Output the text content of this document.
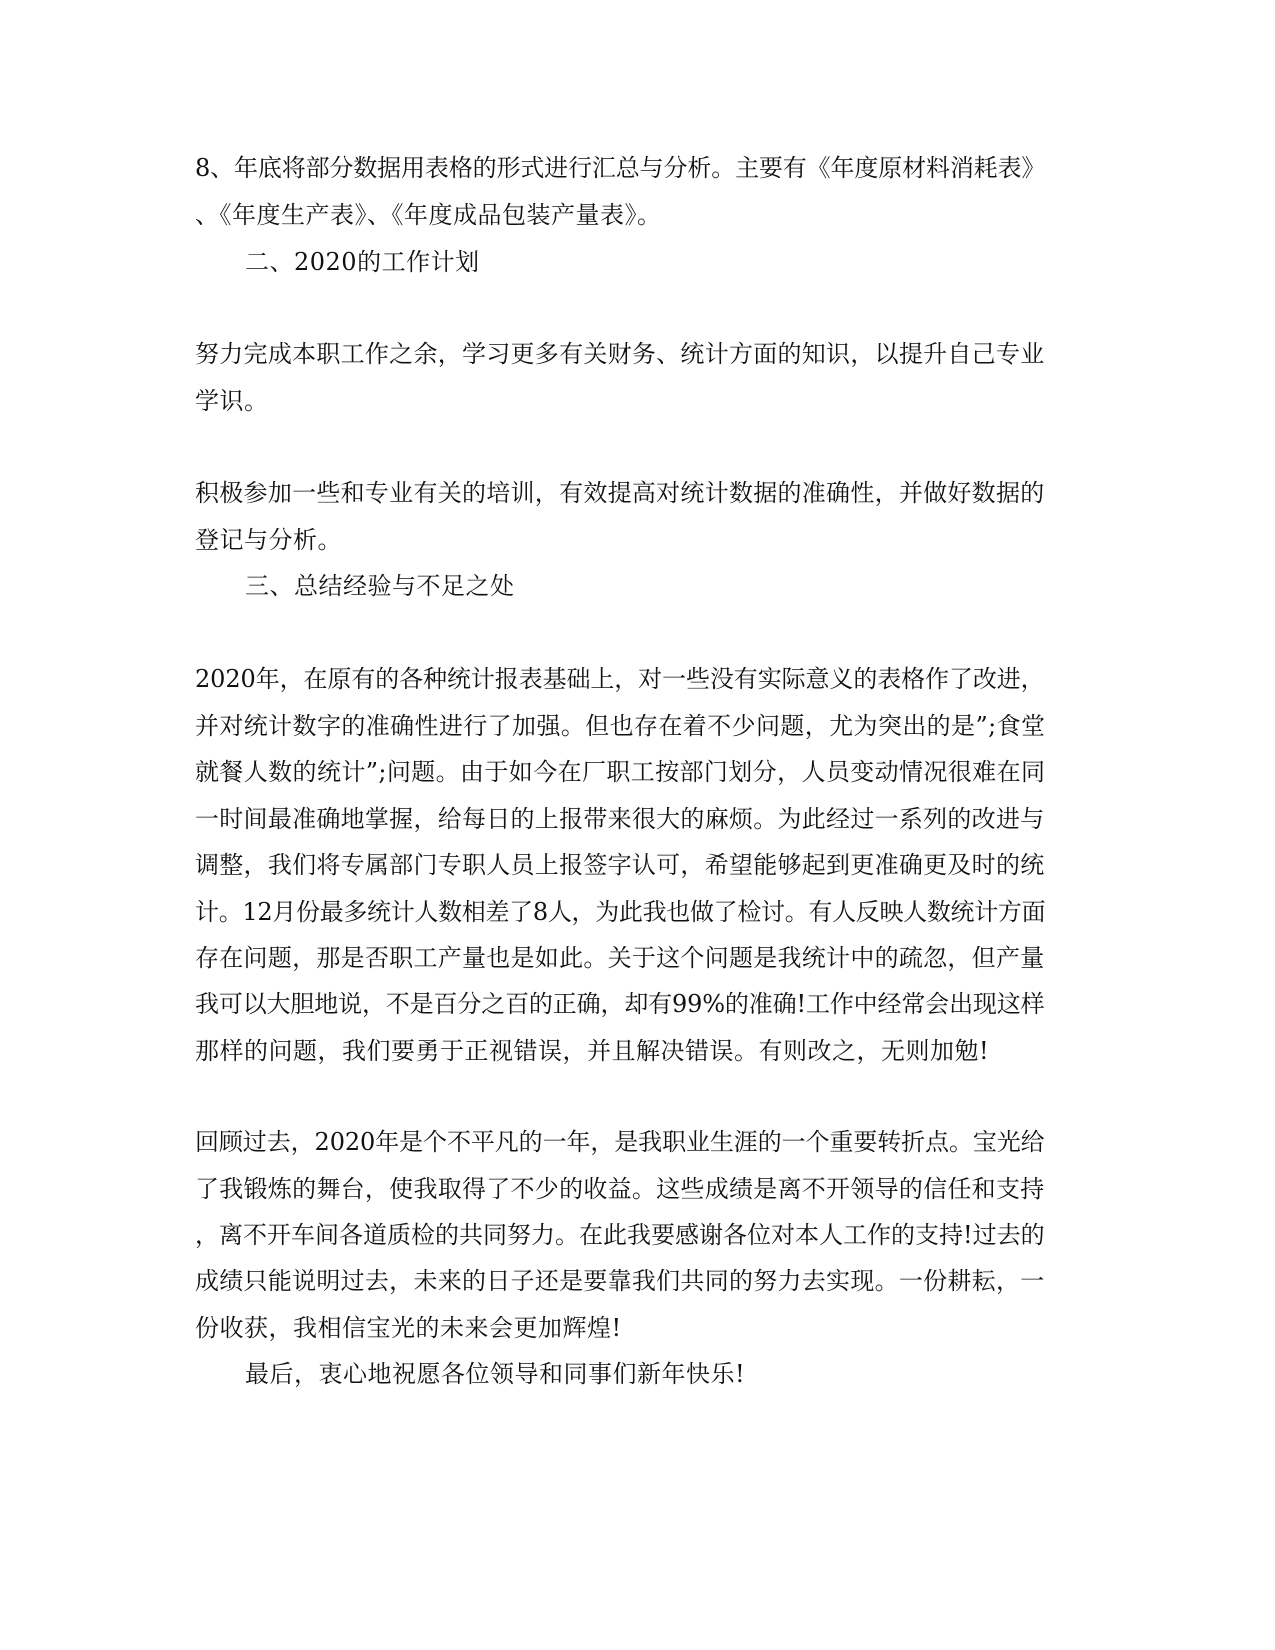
8、年底将部分数据用表格的形式进行汇总与分析。主要有《年度原材料消耗表》
、《年度生产表》、《年度成品包装产量表》。
二、2020的工作计划
努力完成本职工作之余，学习更多有关财务、统计方面的知识，以提升自己专业
学识。
积极参加一些和专业有关的培训，有效提高对统计数据的准确性，并做好数据的
登记与分析。
三、总结经验与不足之处
2020年，在原有的各种统计报表基础上，对一些没有实际意义的表格作了改进，
并对统计数字的准确性进行了加强。但也存在着不少问题，尤为突出的是”;食堂
就餐人数的统计”;问题。由于如今在厂职工按部门划分，人员变动情况很难在同
一时间最准确地掌握，给每日的上报带来很大的麻烦。为此经过一系列的改进与
调整，我们将专属部门专职人员上报签字认可，希望能够起到更准确更及时的统
计。12月份最多统计人数相差了8人，为此我也做了检讨。有人反映人数统计方面
存在问题，那是否职工产量也是如此。关于这个问题是我统计中的疏忽，但产量
我可以大胆地说，不是百分之百的正确，却有99%的准确!工作中经常会出现这样
那样的问题，我们要勇于正视错误，并且解决错误。有则改之，无则加勉!
回顾过去，2020年是个不平凡的一年，是我职业生涯的一个重要转折点。宝光给
了我锻炼的舞台，使我取得了不少的收益。这些成绩是离不开领导的信任和支持
，离不开车间各道质检的共同努力。在此我要感谢各位对本人工作的支持!过去的
成绩只能说明过去，未来的日子还是要靠我们共同的努力去实现。一份耕耘，一
份收获，我相信宝光的未来会更加辉煌!
最后，衷心地祝愿各位领导和同事们新年快乐!
